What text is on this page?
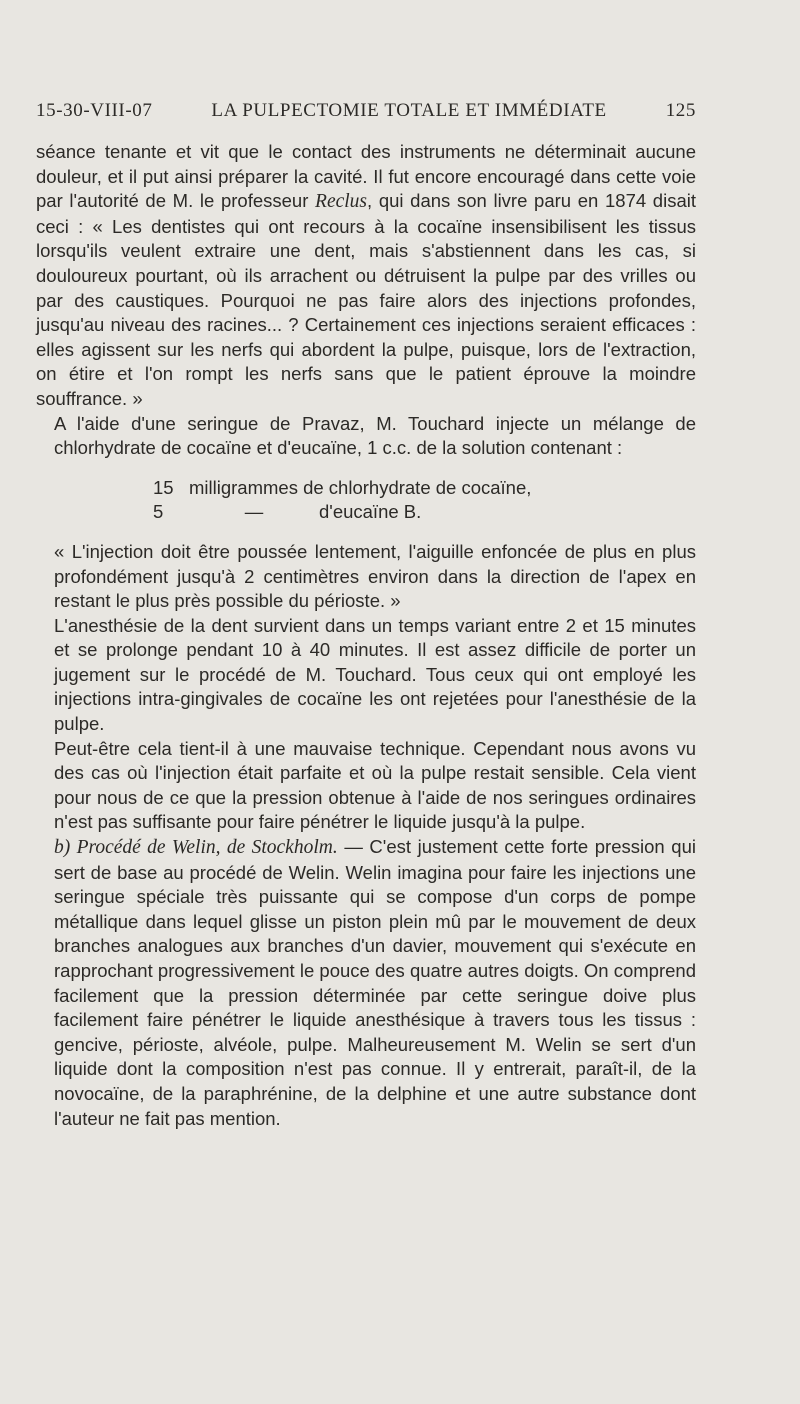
15-30-VIII-07	LA PULPECTOMIE TOTALE ET IMMÉDIATE	125

séance tenante et vit que le contact des instruments ne déterminait aucune douleur, et il put ainsi préparer la cavité. Il fut encore encouragé dans cette voie par l'autorité de M. le professeur Reclus, qui dans son livre paru en 1874 disait ceci : « Les dentistes qui ont recours à la cocaïne insensibilisent les tissus lorsqu'ils veulent extraire une dent, mais s'abstiennent dans les cas, si douloureux pourtant, où ils arrachent ou détruisent la pulpe par des vrilles ou par des caustiques. Pourquoi ne pas faire alors des injections profondes, jusqu'au niveau des racines... ? Certainement ces injections seraient efficaces : elles agissent sur les nerfs qui abordent la pulpe, puisque, lors de l'extraction, on étire et l'on rompt les nerfs sans que le patient éprouve la moindre souffrance. »

A l'aide d'une seringue de Pravaz, M. Touchard injecte un mélange de chlorhydrate de cocaïne et d'eucaïne, 1 c.c. de la solution contenant :

15 milligrammes de chlorhydrate de cocaïne,
5	—	d'eucaïne B.

« L'injection doit être poussée lentement, l'aiguille enfoncée de plus en plus profondément jusqu'à 2 centimètres environ dans la direction de l'apex en restant le plus près possible du périoste. »

L'anesthésie de la dent survient dans un temps variant entre 2 et 15 minutes et se prolonge pendant 10 à 40 minutes. Il est assez difficile de porter un jugement sur le procédé de M. Touchard. Tous ceux qui ont employé les injections intra-gingivales de cocaïne les ont rejetées pour l'anesthésie de la pulpe.

Peut-être cela tient-il à une mauvaise technique. Cependant nous avons vu des cas où l'injection était parfaite et où la pulpe restait sensible. Cela vient pour nous de ce que la pression obtenue à l'aide de nos seringues ordinaires n'est pas suffisante pour faire pénétrer le liquide jusqu'à la pulpe.

b) Procédé de Welin, de Stockholm. — C'est justement cette forte pression qui sert de base au procédé de Welin. Welin imagina pour faire les injections une seringue spéciale très puissante qui se compose d'un corps de pompe métallique dans lequel glisse un piston plein mû par le mouvement de deux branches analogues aux branches d'un davier, mouvement qui s'exécute en rapprochant progressivement le pouce des quatre autres doigts. On comprend facilement que la pression déterminée par cette seringue doive plus facilement faire pénétrer le liquide anesthésique à travers tous les tissus : gencive, périoste, alvéole, pulpe. Malheureusement M. Welin se sert d'un liquide dont la composition n'est pas connue. Il y entrerait, paraît-il, de la novocaïne, de la paraphrénine, de la delphine et une autre substance dont l'auteur ne fait pas mention.
